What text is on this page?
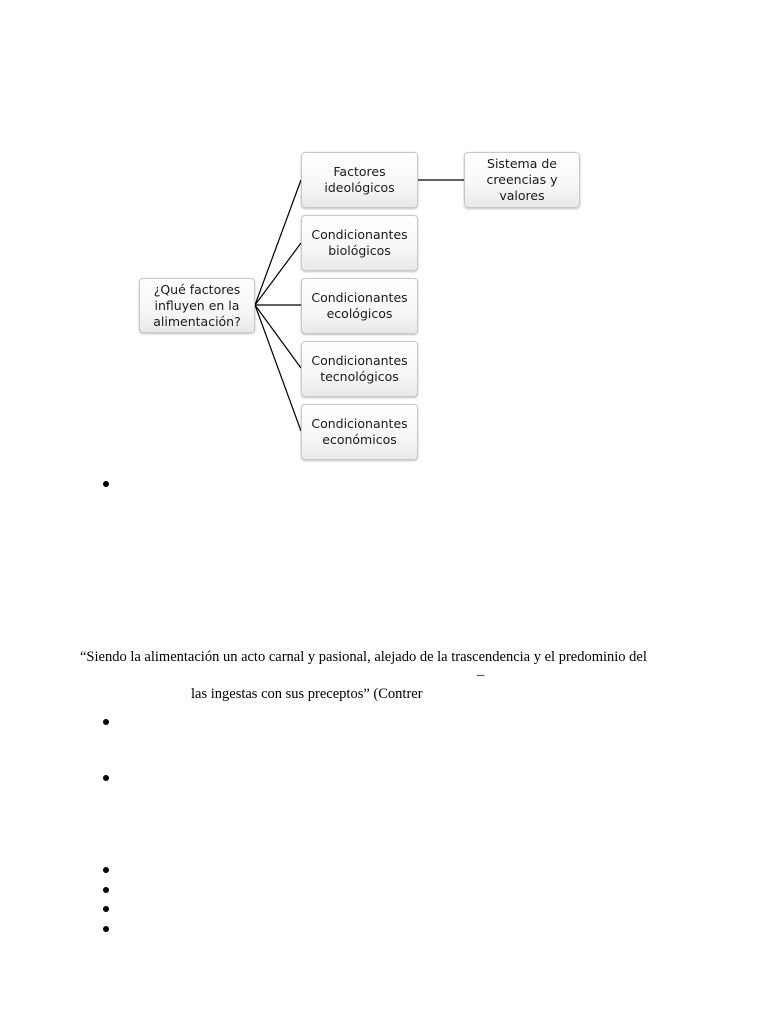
¿Qué factores
influyen en la
alimentación?
Factores
ideológicos
Condicionantes
biológicos
Condicionantes
ecológicos
Condicionantes
tecnológicos
Condicionantes
económicos
Sistema de
creencias y
valores
“Siendo la alimentación un acto carnal y pasional, alejado de la trascendencia y el predominio del
–
las ingestas con sus preceptos” (Contrer
